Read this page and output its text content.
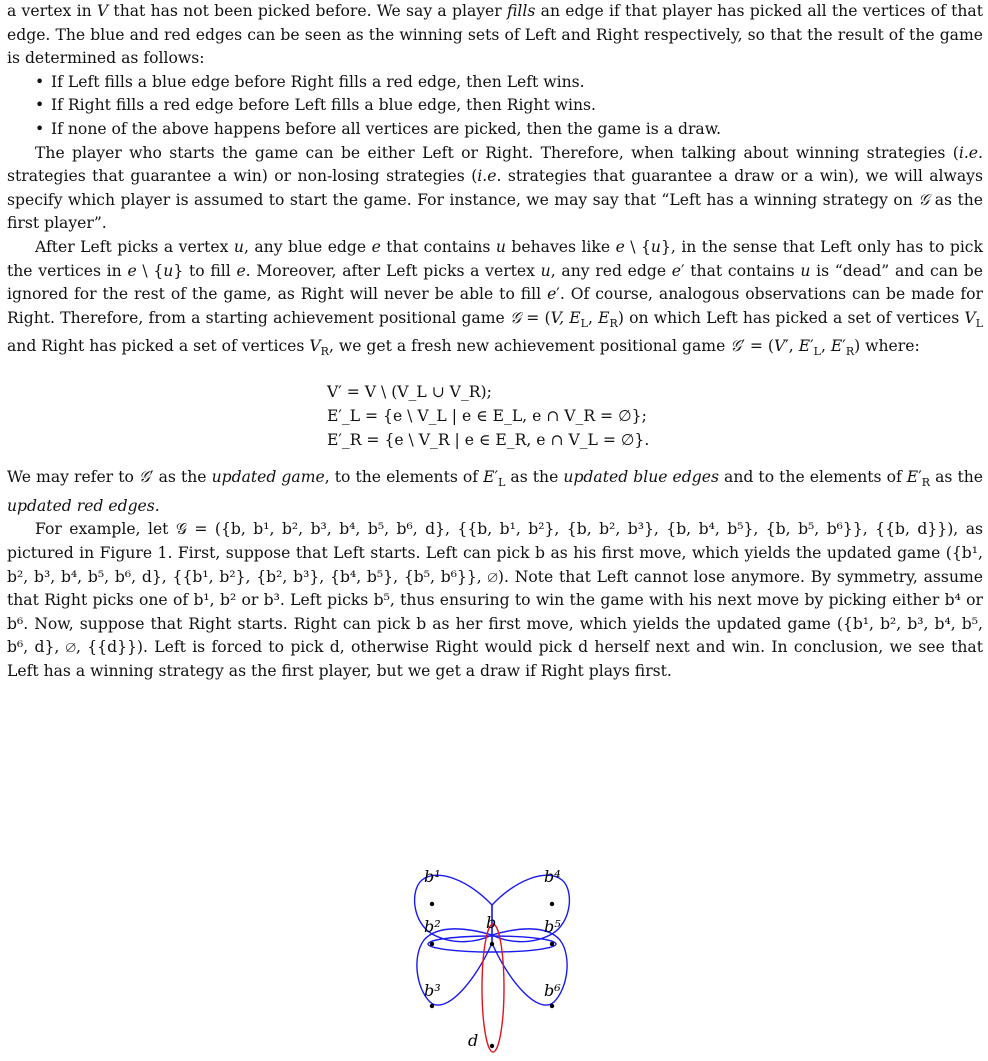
a vertex in V that has not been picked before. We say a player fills an edge if that player has picked all the vertices of that edge. The blue and red edges can be seen as the winning sets of Left and Right respectively, so that the result of the game is determined as follows:

• If Left fills a blue edge before Right fills a red edge, then Left wins.
• If Right fills a red edge before Left fills a blue edge, then Right wins.
• If none of the above happens before all vertices are picked, then the game is a draw.

The player who starts the game can be either Left or Right. Therefore, when talking about winning strategies (i.e. strategies that guarantee a win) or non-losing strategies (i.e. strategies that guarantee a draw or a win), we will always specify which player is assumed to start the game. For instance, we may say that “Left has a winning strategy on 𝒢 as the first player”.

After Left picks a vertex u, any blue edge e that contains u behaves like e \ {u}, in the sense that Left only has to pick the vertices in e \ {u} to fill e. Moreover, after Left picks a vertex u, any red edge e′ that contains u is “dead” and can be ignored for the rest of the game, as Right will never be able to fill e′. Of course, analogous observations can be made for Right. Therefore, from a starting achievement positional game 𝒢 = (V, $E_L$, $E_R$) on which Left has picked a set of vertices $V_L$ and Right has picked a set of vertices $V_R$, we get a fresh new achievement positional game 𝒢′ = (V′, $E'_L$, $E'_R$) where:

V′ = V \ (V_L ∪ V_R);
E′_L = {e \ V_L | e ∈ E_L, e ∩ V_R = ∅};
E′_R = {e \ V_R | e ∈ E_R, e ∩ V_L = ∅}.

We may refer to 𝒢′ as the updated game, to the elements of $E'_L$ as the updated blue edges and to the elements of $E'_R$ as the updated red edges.

For example, let 𝒢 = ({b, b¹, b², b³, b⁴, b⁵, b⁶, d}, {{b, b¹, b²}, {b, b², b³}, {b, b⁴, b⁵}, {b, b⁵, b⁶}}, {{b, d}}), as pictured in Figure 1. First, suppose that Left starts. Left can pick b as his first move, which yields the updated game ({b¹, b², b³, b⁴, b⁵, b⁶, d}, {{b¹, b²}, {b², b³}, {b⁴, b⁵}, {b⁵, b⁶}}, ∅). Note that Left cannot lose anymore. By symmetry, assume that Right picks one of b¹, b² or b³. Left picks b⁵, thus ensuring to win the game with his next move by picking either b⁴ or b⁶. Now, suppose that Right starts. Right can pick b as her first move, which yields the updated game ({b¹, b², b³, b⁴, b⁵, b⁶, d}, ∅, {{d}}). Left is forced to pick d, otherwise Right would pick d herself next and win. In conclusion, we see that Left has a winning strategy as the first player, but we get a draw if Right plays first.

b¹
b²
b³
b⁴
b⁵
b⁶
b
d
